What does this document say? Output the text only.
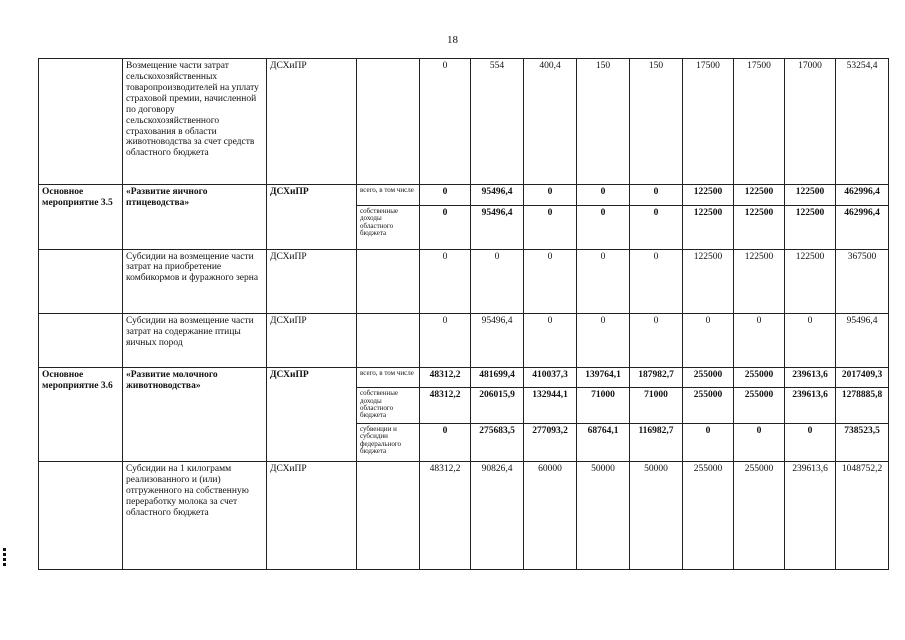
18
	Возмещение части затрат сельскохозяйственных товаропроизводителей на уплату страховой премии, начисленной по договору сельскохозяйственного страхования в области животноводства за счет средств областного бюджета	ДСХиПР		0	554	400,4	150	150	17500	17500	17000	53254,4
Основное мероприятие 3.5	«Развитие яичного птицеводства»	ДСХиПР	всего, в том числе	0	95496,4	0	0	0	122500	122500	122500	462996,4
			собственные доходы областного бюджета	0	95496,4	0	0	0	122500	122500	122500	462996,4
	Субсидии на возмещение части затрат на приобретение комбикормов и фуражного зерна	ДСХиПР		0	0	0	0	0	122500	122500	122500	367500
	Субсидии на возмещение части затрат на содержание птицы яичных пород	ДСХиПР		0	95496,4	0	0	0	0	0	0	95496,4
Основное мероприятие 3.6	«Развитие молочного животноводства»	ДСХиПР	всего, в том числе	48312,2	481699,4	410037,3	139764,1	187982,7	255000	255000	239613,6	2017409,3
			собственные доходы областного бюджета	48312,2	206015,9	132944,1	71000	71000	255000	255000	239613,6	1278885,8
			субвенции и субсидии федерального бюджета	0	275683,5	277093,2	68764,1	116982,7	0	0	0	738523,5
	Субсидии на 1 килограмм реализованного и (или) отгруженного на собственную переработку молока за счет областного бюджета	ДСХиПР		48312,2	90826,4	60000	50000	50000	255000	255000	239613,6	1048752,2
